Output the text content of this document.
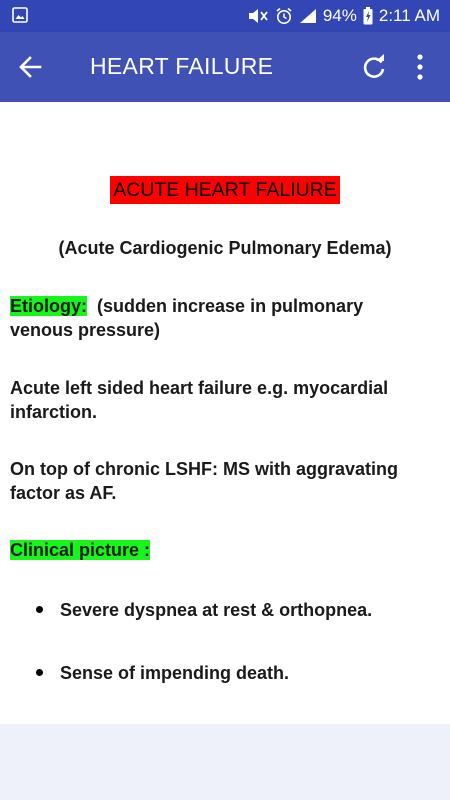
94% 2:11 AM
HEART FAILURE
ACUTE HEART FALIURE
(Acute Cardiogenic Pulmonary Edema)
Etiology: (sudden increase in pulmonary venous pressure)
Acute left sided heart failure e.g. myocardial infarction.
On top of chronic LSHF: MS with aggravating factor as AF.
Clinical picture :
Severe dyspnea at rest & orthopnea.
Sense of impending death.
